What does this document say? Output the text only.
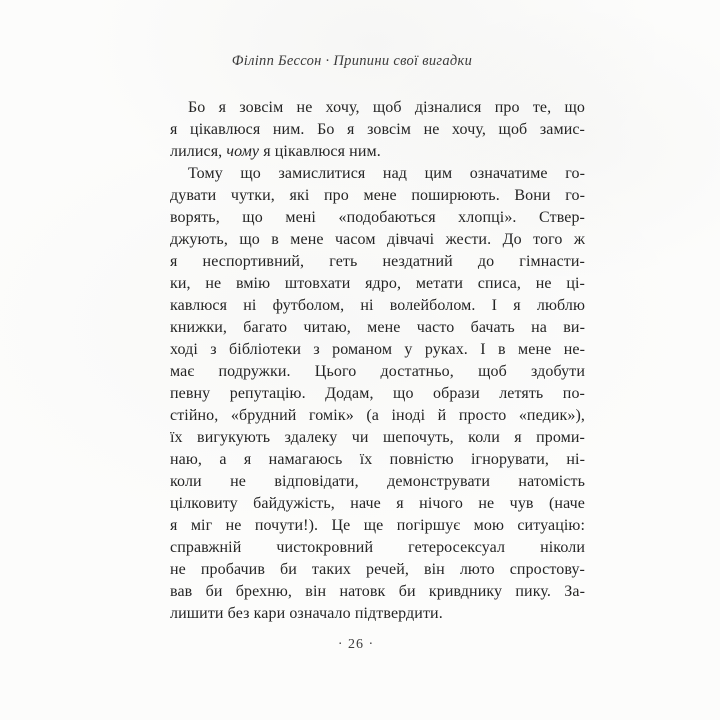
Філіпп Бессон · Припини свої вигадки
Бо я зовсім не хочу, щоб дізналися про те, що
я цікавлюся ним. Бо я зовсім не хочу, щоб замис-
лилися, чому я цікавлюся ним.
Тому що замислитися над цим означатиме го-
дувати чутки, які про мене поширюють. Вони го-
ворять, що мені «подобаються хлопці». Ствер-
джують, що в мене часом дівчачі жести. До того ж
я неспортивний, геть нездатний до гімнасти-
ки, не вмію штовхати ядро, метати списа, не ці-
кавлюся ні футболом, ні волейболом. І я люблю
книжки, багато читаю, мене часто бачать на ви-
ході з бібліотеки з романом у руках. І в мене не-
має подружки. Цього достатньо, щоб здобути
певну репутацію. Додам, що образи летять по-
стійно, «брудний гомік» (а іноді й просто «педик»),
їх вигукують здалеку чи шепочуть, коли я проми-
наю, а я намагаюсь їх повністю ігнорувати, ні-
коли не відповідати, демонструвати натомість
цілковиту байдужість, наче я нічого не чув (наче
я міг не почути!). Це ще погіршує мою ситуацію:
справжній чистокровний гетеросексуал ніколи
не пробачив би таких речей, він люто спростову-
вав би брехню, він натовк би кривднику пику. За-
лишити без кари означало підтвердити.
· 26 ·
